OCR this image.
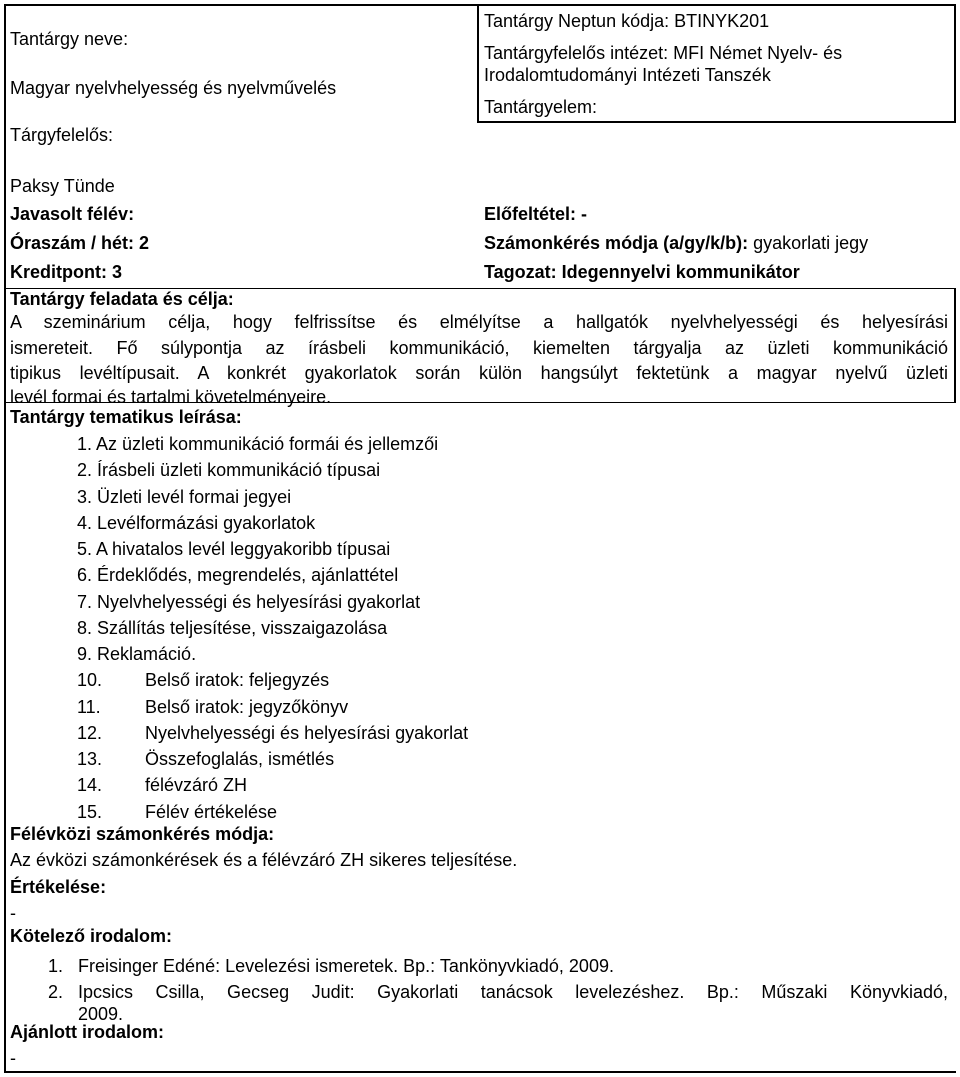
Tantárgy neve:
Magyar nyelvhelyesség és nyelvművelés
Tárgyfelelős:
Paksy Tünde
Tantárgy Neptun kódja: BTINYK201
Tantárgyfelelős intézet: MFI Német Nyelv- és
Irodalomtudományi Intézeti Tanszék
Tantárgyelem:
Javasolt félév:	Előfeltétel: -
Óraszám / hét: 2	Számonkérés módja (a/gy/k/b): gyakorlati jegy
Kreditpont: 3	Tagozat: Idegennyelvi kommunikátor
Tantárgy feladata és célja:
A szeminárium célja, hogy felfrissítse és elmélyítse a hallgatók nyelvhelyességi és helyesírási
ismereteit. Fő súlypontja az írásbeli kommunikáció, kiemelten tárgyalja az üzleti kommunikáció
tipikus levéltípusait. A konkrét gyakorlatok során külön hangsúlyt fektetünk a magyar nyelvű üzleti
levél formai és tartalmi követelményeire.
Tantárgy tematikus leírása:
1. Az üzleti kommunikáció formái és jellemzői
2. Írásbeli üzleti kommunikáció típusai
3. Üzleti levél formai jegyei
4. Levélformázási gyakorlatok
5. A hivatalos levél leggyakoribb típusai
6. Érdeklődés, megrendelés, ajánlattétel
7. Nyelvhelyességi és helyesírási gyakorlat
8. Szállítás teljesítése, visszaigazolása
9. Reklamáció.
10. Belső iratok: feljegyzés
11. Belső iratok: jegyzőkönyv
12. Nyelvhelyességi és helyesírási gyakorlat
13. Összefoglalás, ismétlés
14. félévzáró ZH
15. Félév értékelése
Félévközi számonkérés módja:
Az évközi számonkérések és a félévzáró ZH sikeres teljesítése.
Értékelése:
-
Kötelező irodalom:
1. Freisinger Edéné: Levelezési ismeretek. Bp.: Tankönyvkiadó, 2009.
2. Ipcsics Csilla, Gecseg Judit: Gyakorlati tanácsok levelezéshez. Bp.: Műszaki Könyvkiadó,
2009.
Ajánlott irodalom:
-
